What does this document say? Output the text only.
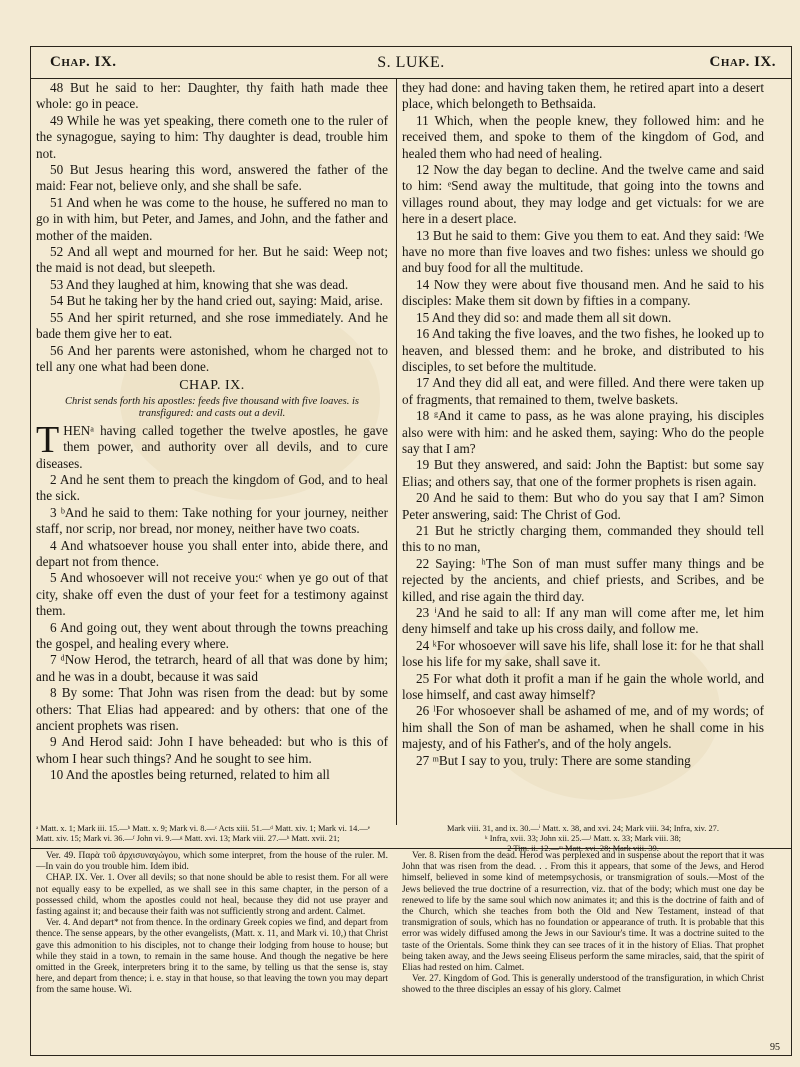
Chap. IX.	S. LUKE.	Chap. IX.

48 But he said to her: Daughter, thy faith hath made thee whole: go in peace.

49 While he was yet speaking, there cometh one to the ruler of the synagogue, saying to him: Thy daughter is dead, trouble him not.

50 But Jesus hearing this word, answered the father of the maid: Fear not, believe only, and she shall be safe.

51 And when he was come to the house, he suffered no man to go in with him, but Peter, and James, and John, and the father and mother of the maiden.

52 And all wept and mourned for her. But he said: Weep not; the maid is not dead, but sleepeth.

53 And they laughed at him, knowing that she was dead.

54 But he taking her by the hand cried out, saying: Maid, arise.

55 And her spirit returned, and she rose immediately. And he bade them give her to eat.

56 And her parents were astonished, whom he charged not to tell any one what had been done.

CHAP. IX.
Christ sends forth his apostles: feeds five thousand with five loaves. is transfigured: and casts out a devil.

THENᵃ having called together the twelve apostles, he gave them power, and authority over all devils, and to cure diseases.

2 And he sent them to preach the kingdom of God, and to heal the sick.

3 ᵇAnd he said to them: Take nothing for your journey, neither staff, nor scrip, nor bread, nor money, neither have two coats.

4 And whatsoever house you shall enter into, abide there, and depart not from thence.

5 And whosoever will not receive you:ᶜ when ye go out of that city, shake off even the dust of your feet for a testimony against them.

6 And going out, they went about through the towns preaching the gospel, and healing every where.

7 ᵈNow Herod, the tetrarch, heard of all that was done by him; and he was in a doubt, because it was said

8 By some: That John was risen from the dead: but by some others: That Elias had appeared: and by others: that one of the ancient prophets was risen.

9 And Herod said: John I have beheaded: but who is this of whom I hear such things? And he sought to see him.

10 And the apostles being returned, related to him all

they had done: and having taken them, he retired apart into a desert place, which belongeth to Bethsaida.

11 Which, when the people knew, they followed him: and he received them, and spoke to them of the kingdom of God, and healed them who had need of healing.

12 Now the day began to decline. And the twelve came and said to him: ᵉSend away the multitude, that going into the towns and villages round about, they may lodge and get victuals: for we are here in a desert place.

13 But he said to them: Give you them to eat. And they said: ᶠWe have no more than five loaves and two fishes: unless we should go and buy food for all the multitude.

14 Now they were about five thousand men. And he said to his disciples: Make them sit down by fifties in a company.

15 And they did so: and made them all sit down.

16 And taking the five loaves, and the two fishes, he looked up to heaven, and blessed them: and he broke, and distributed to his disciples, to set before the multitude.

17 And they did all eat, and were filled. And there were taken up of fragments, that remained to them, twelve baskets.

18 ᵍAnd it came to pass, as he was alone praying, his disciples also were with him: and he asked them, saying: Who do the people say that I am?

19 But they answered, and said: John the Baptist: but some say Elias; and others say, that one of the former prophets is risen again.

20 And he said to them: But who do you say that I am? Simon Peter answering, said: The Christ of God.

21 But he strictly charging them, commanded they should tell this to no man,

22 Saying: ʰThe Son of man must suffer many things and be rejected by the ancients, and chief priests, and Scribes, and be killed, and rise again the third day.

23 ⁱAnd he said to all: If any man will come after me, let him deny himself and take up his cross daily, and follow me.

24 ᵏFor whosoever will save his life, shall lose it: for he that shall lose his life for my sake, shall save it.

25 For what doth it profit a man if he gain the whole world, and lose himself, and cast away himself?

26 ˡFor whosoever shall be ashamed of me, and of my words; of him shall the Son of man be ashamed, when he shall come in his majesty, and of his Father's, and of the holy angels.

27 ᵐBut I say to you, truly: There are some standing

ᵃ Matt. x. 1; Mark iii. 15.—ᵇ Matt. x. 9; Mark vi. 8.—ᶜ Acts xiii. 51.—ᵈ Matt. xiv. 1; Mark vi. 14.—ᵉ Matt. xiv. 15; Mark vi. 36.—ᶠ John vi. 9.—ᵍ Matt. xvi. 13; Mark viii. 27.—ʰ Matt. xvii. 21;
Mark viii. 31, and ix. 30.—ⁱ Matt. x. 38, and xvi. 24; Mark viii. 34; Infra, xiv. 27.
ᵏ Infra, xvii. 33; John xii. 25.—ˡ Matt. x. 33; Mark viii. 38;
2 Tim. ii. 12.—ᵐ Matt. xvi. 28; Mark viii. 39.

Ver. 49. Παρὰ τοῦ ἀρχισυναγώγου, which some interpret, from the house of the ruler. M.—In vain do you trouble him. Idem ibid.

CHAP. IX. Ver. 1. Over all devils; so that none should be able to resist them. For all were not equally easy to be expelled, as we shall see in this same chapter, in the person of a possessed child, whom the apostles could not heal, because they did not use prayer and fasting against it; and because their faith was not sufficiently strong and ardent. Calmet.

Ver. 4. And depart* not from thence. In the ordinary Greek copies we find, and depart from thence. The sense appears, by the other evangelists, (Matt. x. 11, and Mark vi. 10,) that Christ gave this admonition to his disciples, not to change their lodging from house to house; but while they staid in a town, to remain in the same house. And though the negative be here omitted in the Greek, interpreters bring it to the same, by telling us that the sense is, stay here, and depart from thence; i. e. stay in that house, so that leaving the town you may depart from the same house. Wi.

Ver. 8. Risen from the dead. Herod was perplexed and in suspense about the report that it was John that was risen from the dead. . . From this it appears, that some of the Jews, and Herod himself, believed in some kind of metempsychosis, or transmigration of souls.—Most of the Jews believed the true doctrine of a resurrection, viz. that of the body; which must one day be renewed to life by the same soul which now animates it; and this is the doctrine of faith and of the Church, which she teaches from both the Old and New Testament, instead of that transmigration of souls, which has no foundation or appearance of truth. It is probable that this error was widely diffused among the Jews in our Saviour's time. It was a doctrine suited to the taste of the Orientals. Some think they can see traces of it in the history of Elias. That prophet being taken away, and the Jews seeing Eliseus perform the same miracles, said, that the spirit of Elias had rested on him. Calmet.

Ver. 27. Kingdom of God. This is generally understood of the transfiguration, in which Christ showed to the three disciples an essay of his glory. Calmet

95
